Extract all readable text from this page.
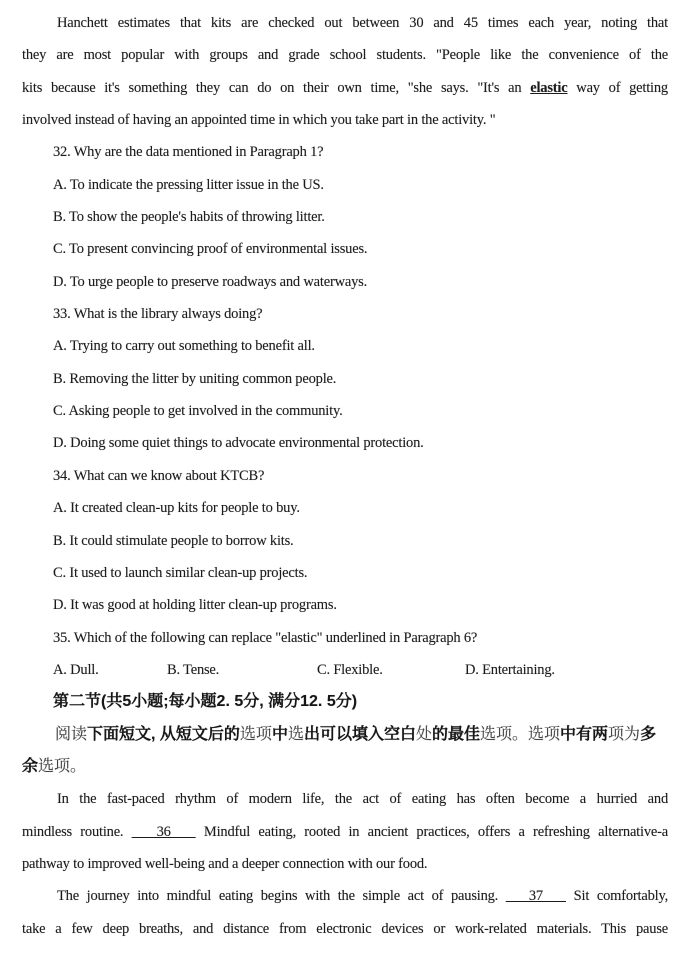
Hanchett estimates that kits are checked out between 30 and 45 times each year, noting that
they are most popular with groups and grade school students. "People like the convenience of the
kits because it's something they can do on their own time, "she says. "It's an elastic way of getting
involved instead of having an appointed time in which you take part in the activity. "
32. Why are the data mentioned in Paragraph 1?
A. To indicate the pressing litter issue in the US.
B. To show the people's habits of throwing litter.
C. To present convincing proof of environmental issues.
D. To urge people to preserve roadways and waterways.
33. What is the library always doing?
A. Trying to carry out something to benefit all.
B. Removing the litter by uniting common people.
C. Asking people to get involved in the community.
D. Doing some quiet things to advocate environmental protection.
34. What can we know about KTCB?
A. It created clean-up kits for people to buy.
B. It could stimulate people to borrow kits.
C. It used to launch similar clean-up projects.
D. It was good at holding litter clean-up programs.
35. Which of the following can replace "elastic" underlined in Paragraph 6?
A. Dull.	B. Tense.	C. Flexible.	D. Entertaining.
第二节(共5小题;每小题2. 5分, 满分12. 5分)
阅读下面短文, 从短文后的选项中选出可以填入空白处的最佳选项。选项中有两项为多
余选项。
In the fast-paced rhythm of modern life, the act of eating has often become a hurried and
mindless routine.    36    Mindful eating, rooted in ancient practices, offers a refreshing alternative-a
pathway to improved well-being and a deeper connection with our food.
The journey into mindful eating begins with the simple act of pausing.    37    Sit comfortably,
take a few deep breaths, and distance from electronic devices or work-related materials. This pause
